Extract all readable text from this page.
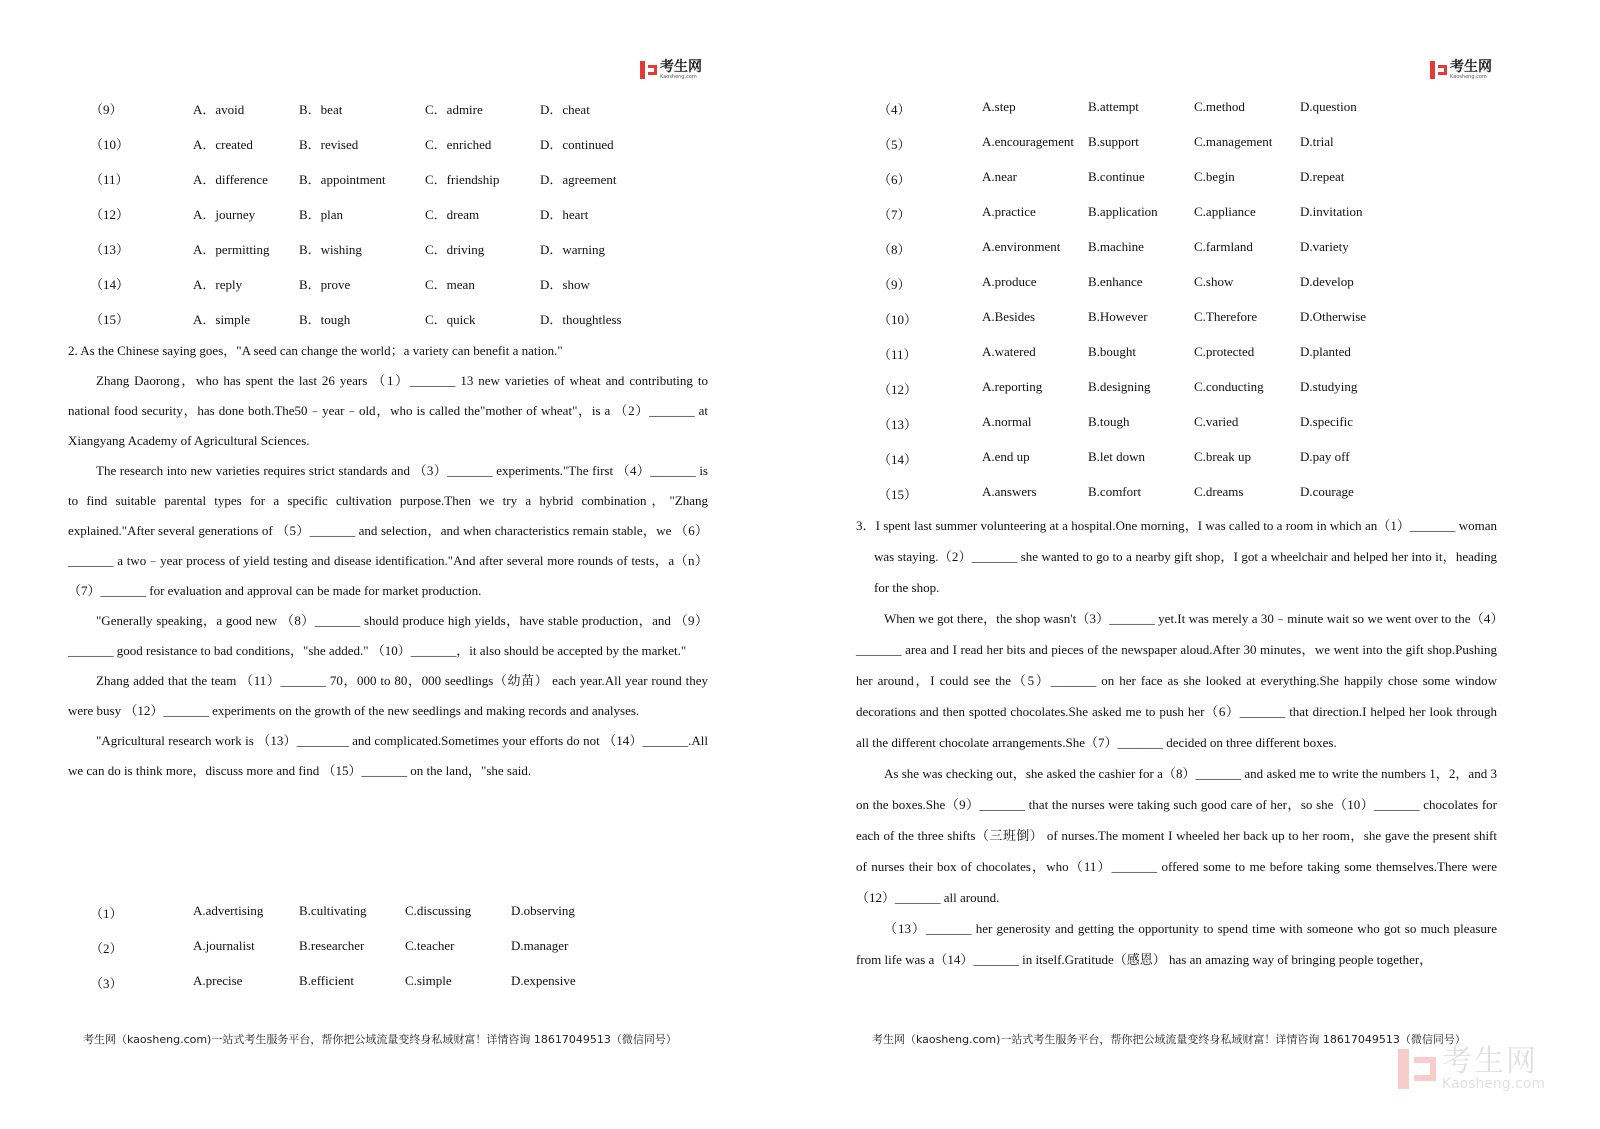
考生网
Kaosheng.com
（9）	A．avoid	B．beat	C．admire	D．cheat
（10）	A．created	B．revised	C．enriched	D．continued
（11）	A．difference B．appointment	C．friendship	D．agreement
（12）	A．journey	B．plan	C．dream	D．heart
（13）	A．permitting B．wishing	C．driving	D．warning
（14）	A．reply	B．prove	C．mean	D．show
（15）	A．simple	B．tough	C．quick	D．thoughtless

2. As the Chinese saying goes，"A seed can change the world；a variety can benefit a nation."

Zhang Daorong，who has spent the last 26 years （1）_______ 13 new varieties of wheat and contributing to national food security，has done both.The50﹣year﹣old，who is called the"mother of wheat"，is a （2）_______ at Xiangyang Academy of Agricultural Sciences.

The research into new varieties requires strict standards and （3）_______ experiments."The first （4）_______ is to find suitable parental types for a specific cultivation purpose.Then we try a hybrid combination，"Zhang explained."After several generations of （5）_______ and selection，and when characteristics remain stable，we （6）_______ a two﹣year process of yield testing and disease identification."And after several more rounds of tests，a（n） （7）_______ for evaluation and approval can be made for market production.

"Generally speaking，a good new （8）_______ should produce high yields，have stable production，and （9）_______ good resistance to bad conditions，"she added." （10）_______，it also should be accepted by the market."

Zhang added that the team （11）_______ 70，000 to 80，000 seedlings（幼苗） each year.All year round they were busy （12）_______ experiments on the growth of the new seedlings and making records and analyses.

"Agricultural research work is （13）________ and complicated.Sometimes your efforts do not （14）_______.All we can do is think more，discuss more and find （15）_______ on the land，"she said.

（1）	A.advertising	B.cultivating	C.discussing	D.observing
（2）	A.journalist	B.researcher	C.teacher	D.manager
（3）	A.precise	B.efficient	C.simple	D.expensive
考生网（kaosheng.com)一站式考生服务平台，帮你把公域流量变终身私域财富！详情咨询 18617049513（微信同号）
考生网
Kaosheng.com
（4）	A.step	B.attempt	C.method	D.question
（5）	A.encouragement B.support	C.management D.trial
（6）	A.near	B.continue	C.begin	D.repeat
（7）	A.practice	B.application	C.appliance	D.invitation
（8）	A.environment B.machine	C.farmland	D.variety
（9）	A.produce	B.enhance	C.show	D.develop
（10）	A.Besides	B.However	C.Therefore	D.Otherwise
（11）	A.watered	B.bought	C.protected	D.planted
（12）	A.reporting	B.designing	C.conducting	D.studying
（13）	A.normal	B.tough	C.varied	D.specific
（14）	A.end up	B.let down	C.break up	D.pay off
（15）	A.answers	B.comfort	C.dreams	D.courage

3．I spent last summer volunteering at a hospital.One morning，I was called to a room in which an（1）_______ woman was staying.（2）_______ she wanted to go to a nearby gift shop，I got a wheelchair and helped her into it，heading for the shop.

When we got there，the shop wasn't（3）_______ yet.It was merely a 30﹣minute wait so we went over to the（4）_______ area and I read her bits and pieces of the newspaper aloud.After 30 minutes，we went into the gift shop.Pushing her around，I could see the（5）_______ on her face as she looked at everything.She happily chose some window decorations and then spotted chocolates.She asked me to push her（6）_______ that direction.I helped her look through all the different chocolate arrangements.She（7）_______ decided on three different boxes.

As she was checking out，she asked the cashier for a（8）_______ and asked me to write the numbers 1，2，and 3 on the boxes.She（9）_______ that the nurses were taking such good care of her，so she（10）_______ chocolates for each of the three shifts（三班倒） of nurses.The moment I wheeled her back up to her room，she gave the present shift of nurses their box of chocolates，who（11）_______ offered some to me before taking some themselves.There were（12）_______ all around.

（13）_______ her generosity and getting the opportunity to spend time with someone who got so much pleasure from life was a（14）_______ in itself.Gratitude（感恩） has an amazing way of bringing people together，

考生网（kaosheng.com)一站式考生服务平台，帮你把公域流量变终身私域财富！详情咨询 18617049513（微信同号）
考生网
Kaosheng.com
